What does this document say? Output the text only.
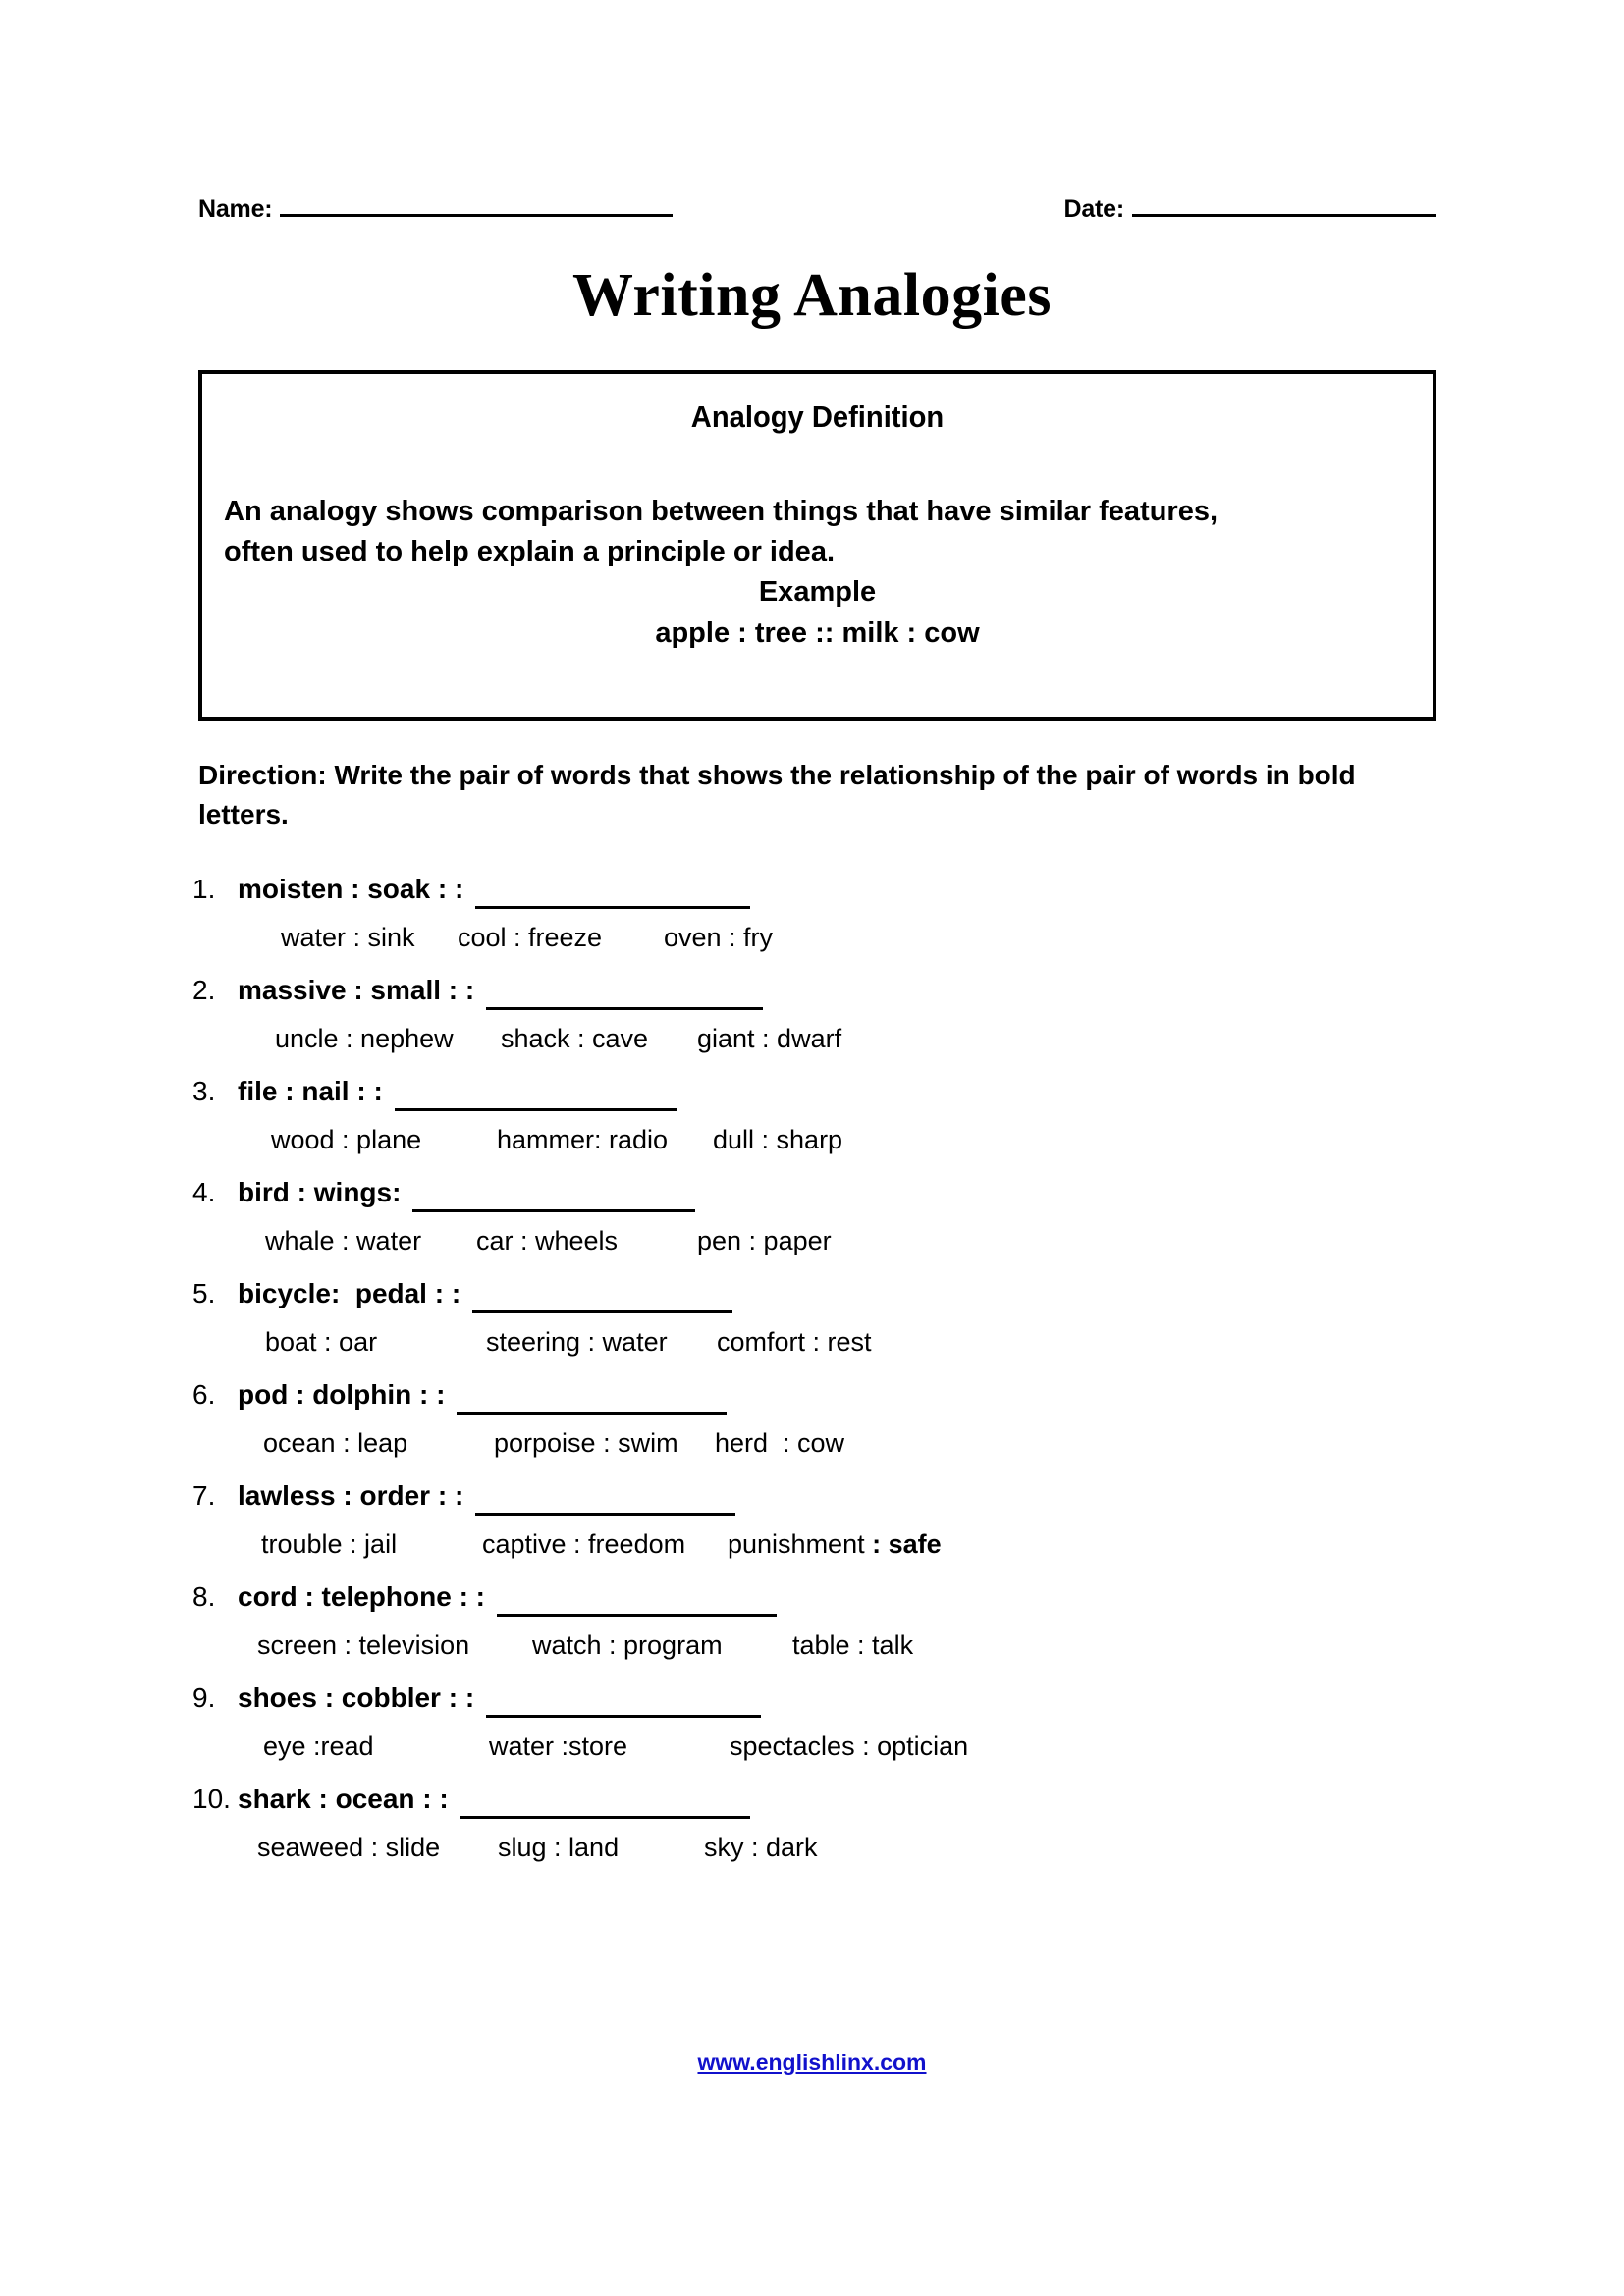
Name:	Date:
Writing Analogies
Analogy Definition

An analogy shows comparison between things that have similar features,

often used to help explain a principle or idea.

Example

apple : tree :: milk : cow

Direction: Write the pair of words that shows the relationship of the pair of words in bold letters.
1. moisten : soak : :
water : sink	cool : freeze	oven : fry
2. massive : small : :
uncle : nephew	shack : cave	giant : dwarf
3. file : nail : :
wood : plane	hammer: radio	dull : sharp
4. bird : wings:
whale : water	car : wheels	pen : paper
5. bicycle:  pedal : :
boat : oar	steering : water	comfort : rest
6. pod : dolphin : :
ocean : leap	porpoise : swim	herd  : cow
7. lawless : order : :
trouble : jail	captive : freedom	punishment : safe
8. cord : telephone : :
screen : television	watch : program	table : talk
9. shoes : cobbler : :
eye :read	water :store	spectacles : optician
10. shark : ocean : :
seaweed : slide	slug : land	sky : dark
www.englishlinx.com
